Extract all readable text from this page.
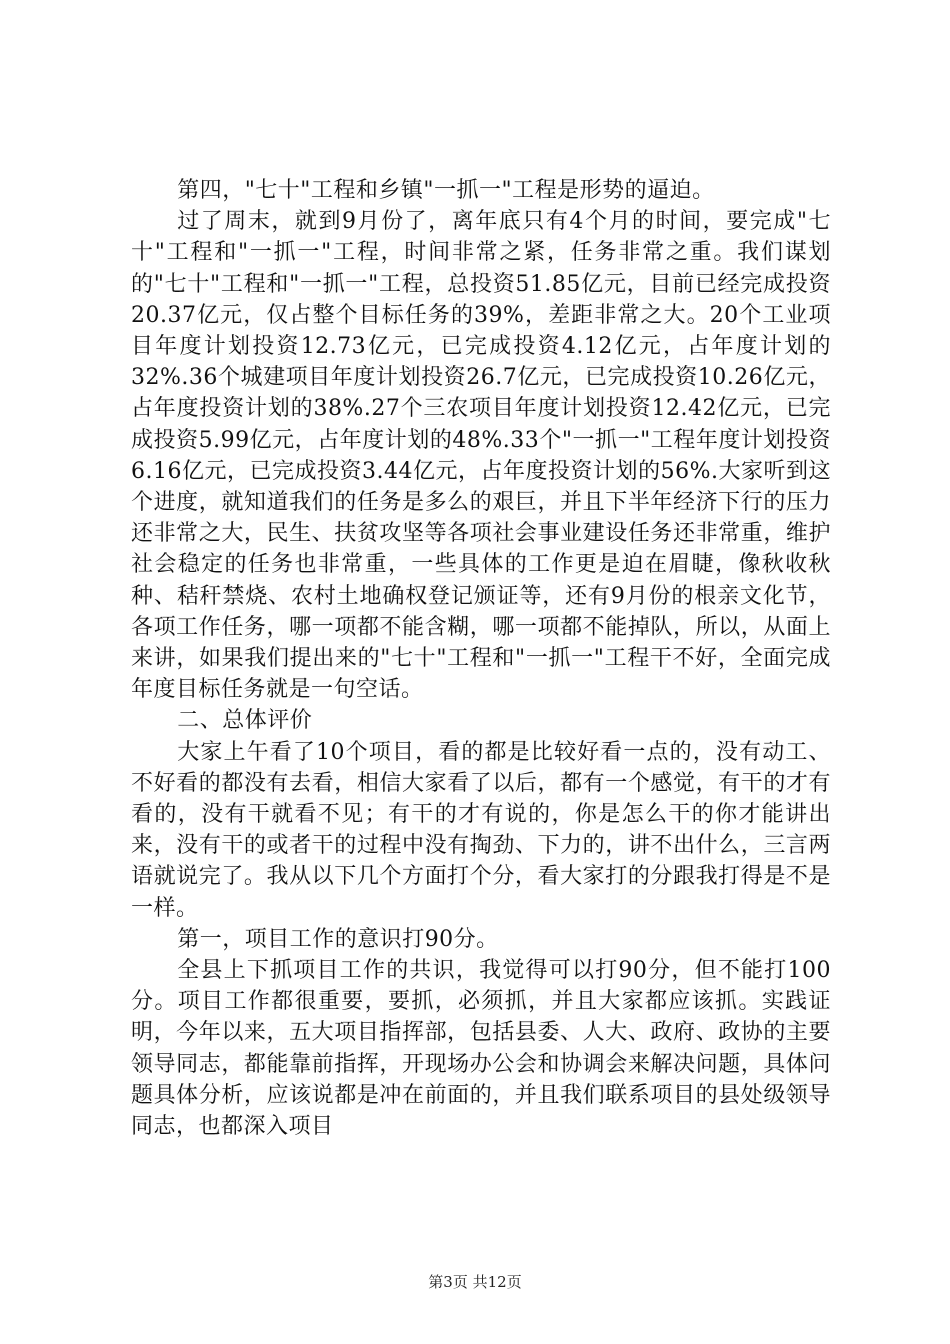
第四，"七十"工程和乡镇"一抓一"工程是形势的逼迫。

过了周末，就到9月份了，离年底只有4个月的时间，要完成"七十"工程和"一抓一"工程，时间非常之紧，任务非常之重。我们谋划的"七十"工程和"一抓一"工程，总投资51.85亿元，目前已经完成投资20.37亿元，仅占整个目标任务的39%，差距非常之大。20个工业项目年度计划投资12.73亿元，已完成投资4.12亿元，占年度计划的32%.36个城建项目年度计划投资26.7亿元，已完成投资10.26亿元，占年度投资计划的38%.27个三农项目年度计划投资12.42亿元，已完成投资5.99亿元，占年度计划的48%.33个"一抓一"工程年度计划投资6.16亿元，已完成投资3.44亿元，占年度投资计划的56%.大家听到这个进度，就知道我们的任务是多么的艰巨，并且下半年经济下行的压力还非常之大，民生、扶贫攻坚等各项社会事业建设任务还非常重，维护社会稳定的任务也非常重，一些具体的工作更是迫在眉睫，像秋收秋种、秸秆禁烧、农村土地确权登记颁证等，还有9月份的根亲文化节，各项工作任务，哪一项都不能含糊，哪一项都不能掉队，所以，从面上来讲，如果我们提出来的"七十"工程和"一抓一"工程干不好，全面完成年度目标任务就是一句空话。

二、总体评价

大家上午看了10个项目，看的都是比较好看一点的，没有动工、不好看的都没有去看，相信大家看了以后，都有一个感觉，有干的才有看的，没有干就看不见；有干的才有说的，你是怎么干的你才能讲出来，没有干的或者干的过程中没有掏劲、下力的，讲不出什么，三言两语就说完了。我从以下几个方面打个分，看大家打的分跟我打得是不是一样。

第一，项目工作的意识打90分。

全县上下抓项目工作的共识，我觉得可以打90分，但不能打100分。项目工作都很重要，要抓，必须抓，并且大家都应该抓。实践证明，今年以来，五大项目指挥部，包括县委、人大、政府、政协的主要领导同志，都能靠前指挥，开现场办公会和协调会来解决问题，具体问题具体分析，应该说都是冲在前面的，并且我们联系项目的县处级领导同志，也都深入项目

第3页 共12页
